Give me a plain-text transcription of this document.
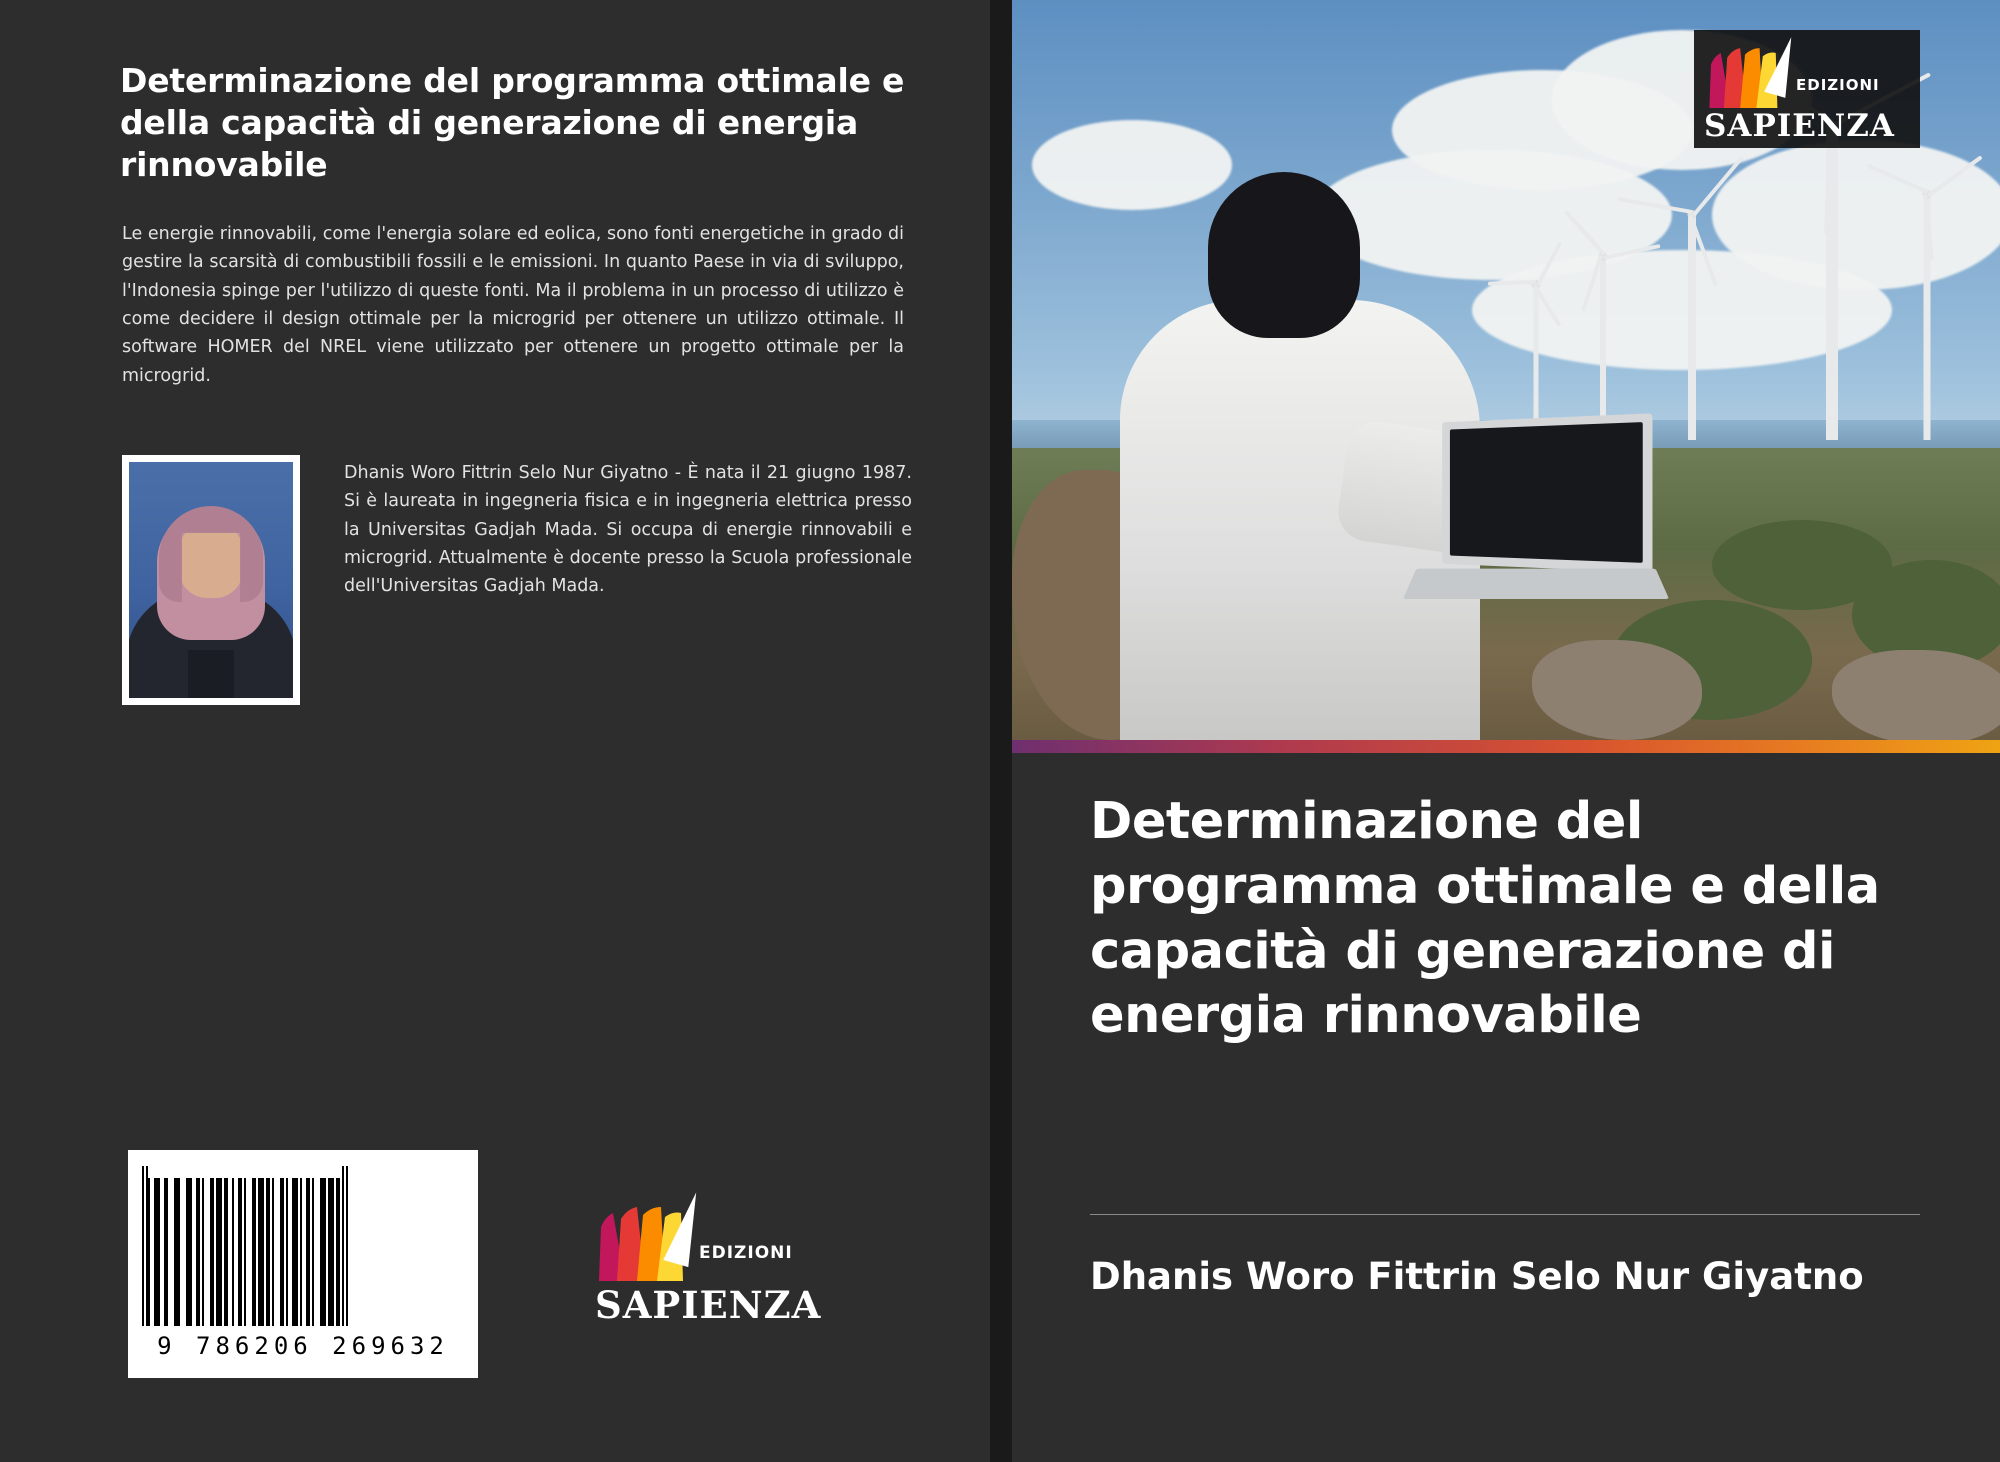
Determinazione del programma ottimale e della capacità di generazione di energia rinnovabile
Le energie rinnovabili, come l'energia solare ed eolica, sono fonti energetiche in grado di gestire la scarsità di combustibili fossili e le emissioni. In quanto Paese in via di sviluppo, l'Indonesia spinge per l'utilizzo di queste fonti. Ma il problema in un processo di utilizzo è come decidere il design ottimale per la microgrid per ottenere un utilizzo ottimale. Il software HOMER del NREL viene utilizzato per ottenere un progetto ottimale per la microgrid.
Dhanis Woro Fittrin Selo Nur Giyatno - È nata il 21 giugno 1987. Si è laureata in ingegneria fisica e in ingegneria elettrica presso la Universitas Gadjah Mada. Si occupa di energie rinnovabili e microgrid. Attualmente è docente presso la Scuola professionale dell'Universitas Gadjah Mada.
9 786206 269632
EDIZIONI
SAPIENZA
EDIZIONI
SAPIENZA
Determinazione del programma ottimale e della capacità di generazione di energia rinnovabile
Dhanis Woro Fittrin Selo Nur Giyatno
